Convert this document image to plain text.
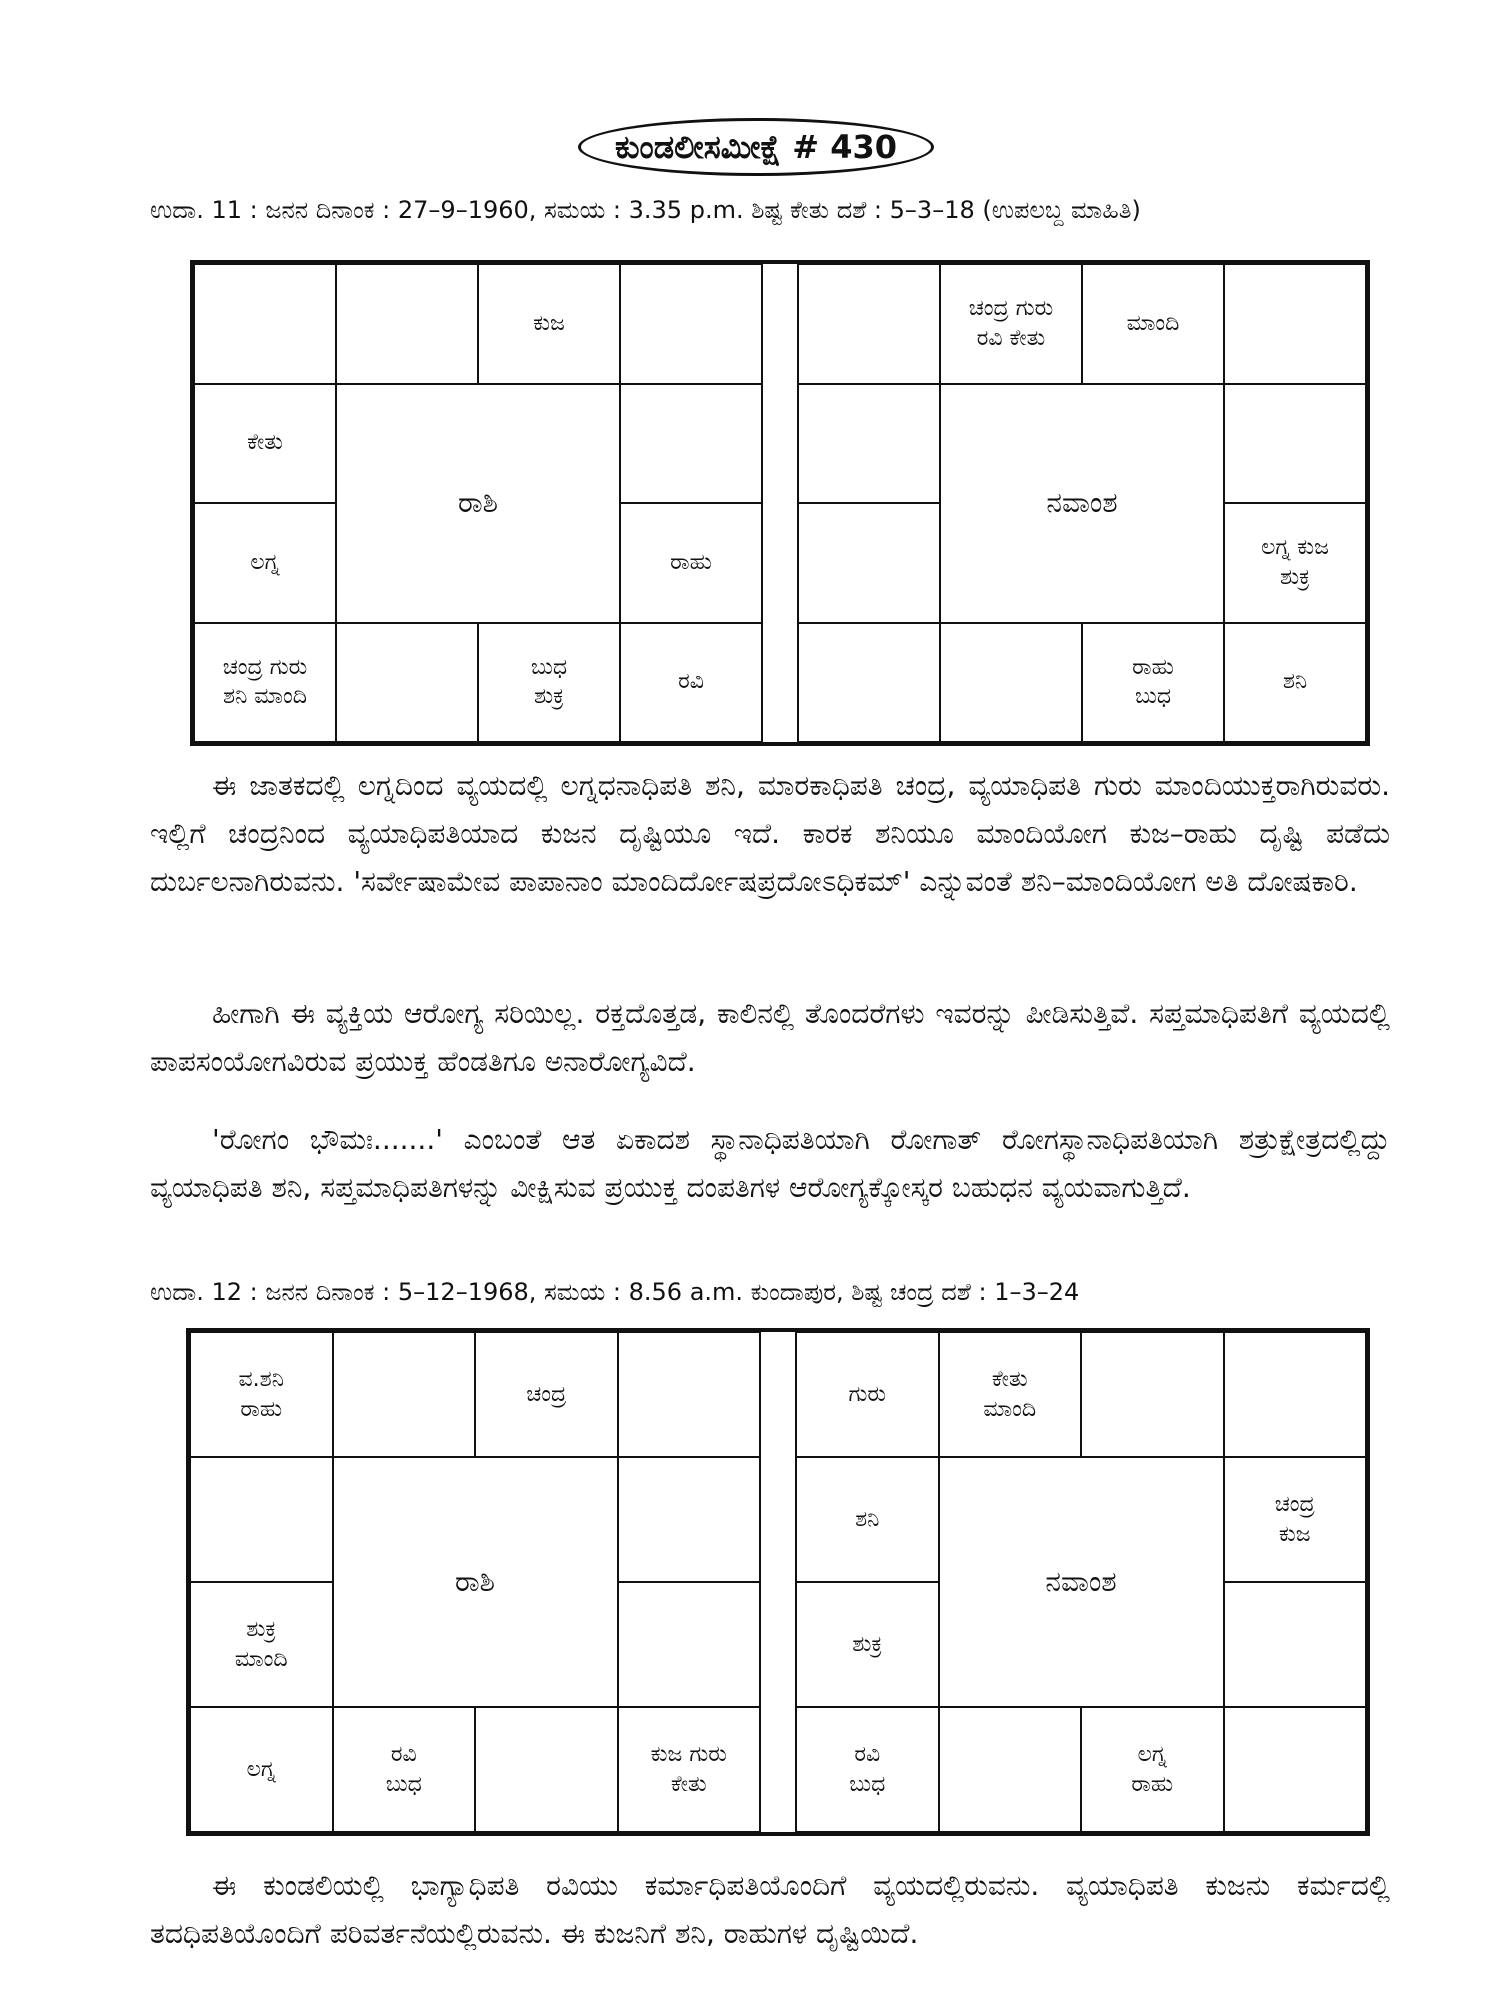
ಕುಂಡಲೀಸಮೀಕ್ಷೆ # 430
ಉದಾ. 11 : ಜನನ ದಿನಾಂಕ : 27–9–1960, ಸಮಯ : 3.35 p.m. ಶಿಷ್ಟ ಕೇತು ದಶೆ : 5–3–18 (ಉಪಲಬ್ದ ಮಾಹಿತಿ)
ಕುಜ
ಕೇತು
ಲಗ್ನ	ರಾಹು
ಚಂದ್ರ ಗುರು
ಶನಿ ಮಾಂದಿ
ಬುಧ
ಶುಕ್ರ
ರವಿ
ರಾಶಿ
ಚಂದ್ರ ಗುರು
ರವಿ ಕೇತು
ಮಾಂದಿ
ಲಗ್ನ ಕುಜ
ಶುಕ್ರ
ರಾಹು
ಬುಧ
ಶನಿ
ನವಾಂಶ

ಈ ಜಾತಕದಲ್ಲಿ ಲಗ್ನದಿಂದ ವ್ಯಯದಲ್ಲಿ ಲಗ್ನಧನಾಧಿಪತಿ ಶನಿ, ಮಾರಕಾಧಿಪತಿ ಚಂದ್ರ, ವ್ಯಯಾಧಿಪತಿ ಗುರು ಮಾಂದಿಯುಕ್ತರಾಗಿರುವರು. ಇಲ್ಲಿಗೆ ಚಂದ್ರನಿಂದ ವ್ಯಯಾಧಿಪತಿಯಾದ ಕುಜನ ದೃಷ್ಟಿಯೂ ಇದೆ. ಕಾರಕ ಶನಿಯೂ ಮಾಂದಿಯೋಗ ಕುಜ–ರಾಹು ದೃಷ್ಟಿ ಪಡೆದು ದುರ್ಬಲನಾಗಿರುವನು. 'ಸರ್ವೇಷಾಮೇವ ಪಾಪಾನಾಂ ಮಾಂದಿರ್ದೋಷಪ್ರದೋಽಧಿಕಮ್' ಎನ್ನುವಂತೆ ಶನಿ–ಮಾಂದಿಯೋಗ ಅತಿ ದೋಷಕಾರಿ.

ಹೀಗಾಗಿ ಈ ವ್ಯಕ್ತಿಯ ಆರೋಗ್ಯ ಸರಿಯಿಲ್ಲ. ರಕ್ತದೊತ್ತಡ, ಕಾಲಿನಲ್ಲಿ ತೊಂದರೆಗಳು ಇವರನ್ನು ಪೀಡಿಸುತ್ತಿವೆ. ಸಪ್ತಮಾಧಿಪತಿಗೆ ವ್ಯಯದಲ್ಲಿ ಪಾಪಸಂಯೋಗವಿರುವ ಪ್ರಯುಕ್ತ ಹೆಂಡತಿಗೂ ಅನಾರೋಗ್ಯವಿದೆ.

'ರೋಗಂ ಭೌಮಃ.......' ಎಂಬಂತೆ ಆತ ಏಕಾದಶ ಸ್ಥಾನಾಧಿಪತಿಯಾಗಿ ರೋಗಾತ್ ರೋಗಸ್ಥಾನಾಧಿಪತಿಯಾಗಿ ಶತ್ರುಕ್ಷೇತ್ರದಲ್ಲಿದ್ದು ವ್ಯಯಾಧಿಪತಿ ಶನಿ, ಸಪ್ತಮಾಧಿಪತಿಗಳನ್ನು ವೀಕ್ಷಿಸುವ ಪ್ರಯುಕ್ತ ದಂಪತಿಗಳ ಆರೋಗ್ಯಕ್ಕೋಸ್ಕರ ಬಹುಧನ ವ್ಯಯವಾಗುತ್ತಿದೆ.

ಉದಾ. 12 : ಜನನ ದಿನಾಂಕ : 5–12–1968, ಸಮಯ : 8.56 a.m. ಕುಂದಾಪುರ, ಶಿಷ್ಟ ಚಂದ್ರ ದಶೆ : 1–3–24
ವ.ಶನಿ
ರಾಹು
ಚಂದ್ರ
ಶುಕ್ರ
ಮಾಂದಿ
ಲಗ್ನ
ರವಿ
ಬುಧ
ಕುಜ ಗುರು
ಕೇತು
ರಾಶಿ
ಗುರು
ಕೇತು
ಮಾಂದಿ
ಶನಿ
ಚಂದ್ರ
ಕುಜ
ಶುಕ್ರ
ರವಿ
ಬುಧ
ಲಗ್ನ
ರಾಹು
ನವಾಂಶ

ಈ ಕುಂಡಲಿಯಲ್ಲಿ ಭಾಗ್ಯಾಧಿಪತಿ ರವಿಯು ಕರ್ಮಾಧಿಪತಿಯೊಂದಿಗೆ ವ್ಯಯದಲ್ಲಿರುವನು. ವ್ಯಯಾಧಿಪತಿ ಕುಜನು ಕರ್ಮದಲ್ಲಿ ತದಧಿಪತಿಯೊಂದಿಗೆ ಪರಿವರ್ತನೆಯಲ್ಲಿರುವನು. ಈ ಕುಜನಿಗೆ ಶನಿ, ರಾಹುಗಳ ದೃಷ್ಟಿಯಿದೆ.
